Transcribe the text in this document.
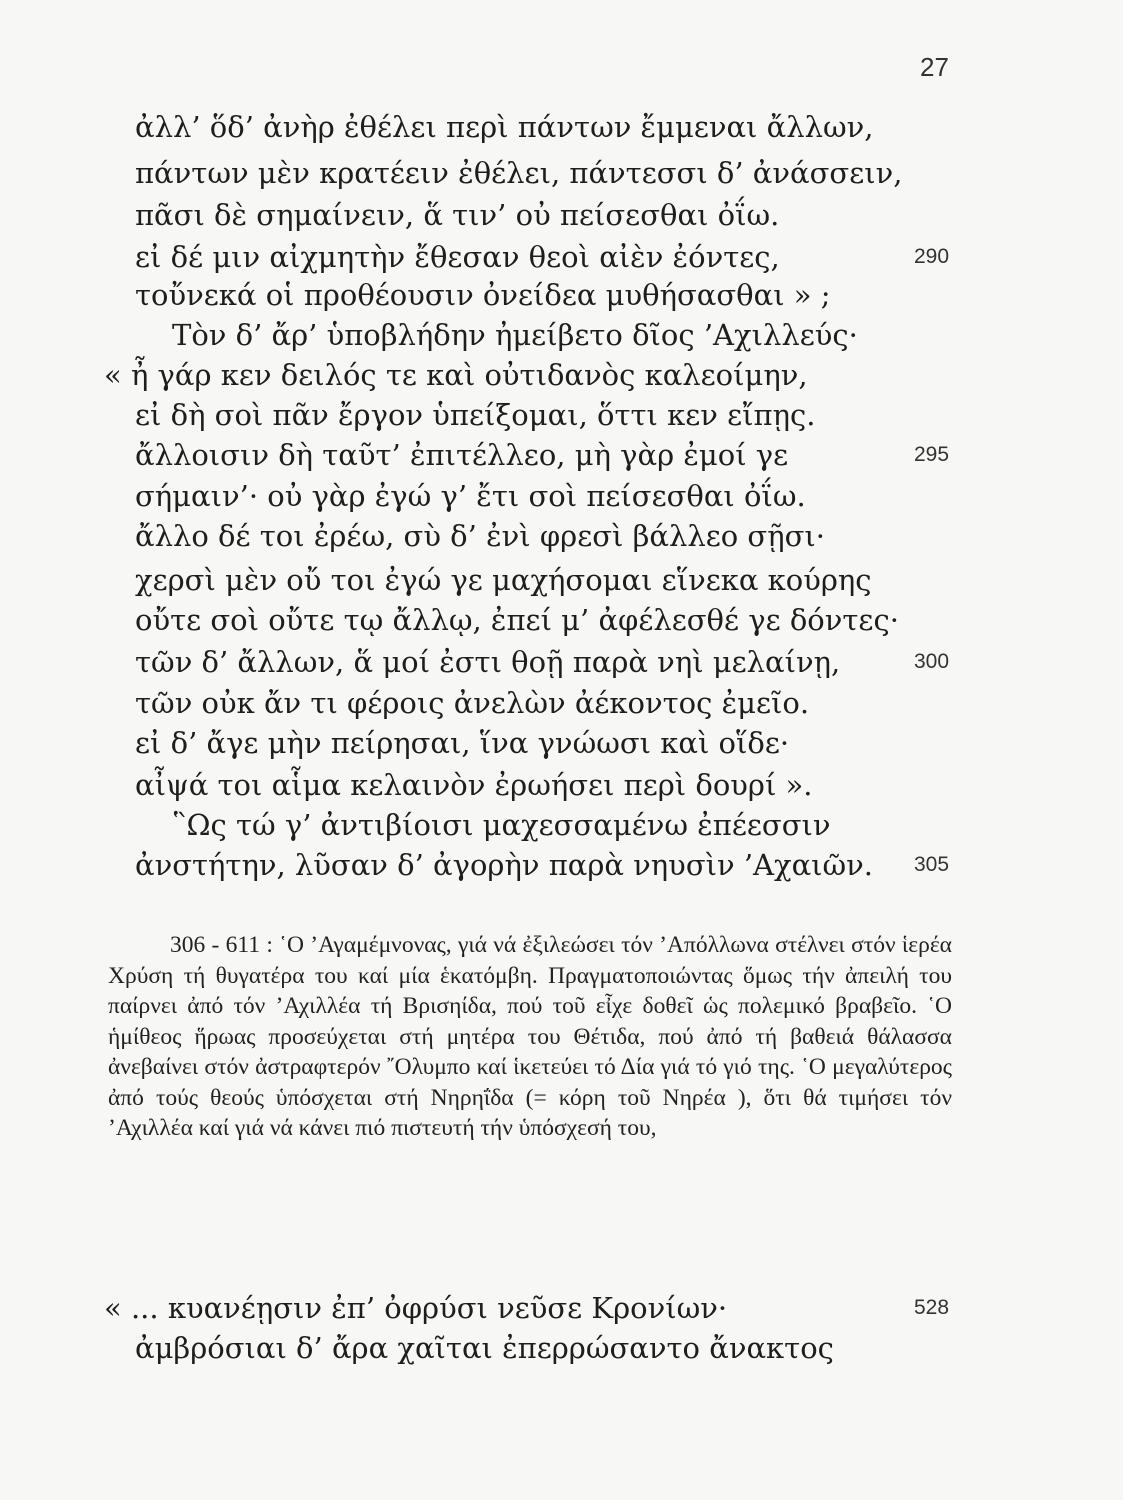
27
ἀλλ’ ὅδ’ ἀνὴρ ἐθέλει περὶ πάντων ἔμμεναι ἄλλων,
πάντων μὲν κρατέειν ἐθέλει, πάντεσσι δ’ ἀνάσσειν,
πᾶσι δὲ σημαίνειν, ἅ τιν’ οὐ πείσεσθαι ὀΐω.
εἰ δέ μιν αἰχμητὴν ἔθεσαν θεοὶ αἰὲν ἐόντες,	290
τοὔνεκά οἱ προθέουσιν ὀνείδεα μυθήσασθαι » ;
Τὸν δ’ ἄρ’ ὑποβλήδην ἠμείβετο δῖος ’Αχιλλεύς·
« ἦ γάρ κεν δειλός τε καὶ οὐτιδανὸς καλεοίμην,
εἰ δὴ σοὶ πᾶν ἔργον ὑπείξομαι, ὅττι κεν εἴπῃς.
ἄλλοισιν δὴ ταῦτ’ ἐπιτέλλεο, μὴ γὰρ ἐμοί γε	295
σήμαιν’· οὐ γὰρ ἐγώ γ’ ἔτι σοὶ πείσεσθαι ὀΐω.
ἄλλο δέ τοι ἐρέω, σὺ δ’ ἐνὶ φρεσὶ βάλλεο σῇσι·
χερσὶ μὲν οὔ τοι ἐγώ γε μαχήσομαι εἵνεκα κούρης
οὔτε σοὶ οὔτε τῳ ἄλλῳ, ἐπεί μ’ ἀφέλεσθέ γε δόντες·
τῶν δ’ ἄλλων, ἅ μοί ἐστι θοῇ παρὰ νηὶ μελαίνῃ,	300
τῶν οὐκ ἄν τι φέροις ἀνελὼν ἀέκοντος ἐμεῖο.
εἰ δ’ ἄγε μὴν πείρησαι, ἵνα γνώωσι καὶ οἵδε·
αἶψά τοι αἷμα κελαινὸν ἐρωήσει περὶ δουρί ».
῝Ως τώ γ’ ἀντιβίοισι μαχεσσαμένω ἐπέεσσιν
ἀνστήτην, λῦσαν δ’ ἀγορὴν παρὰ νηυσὶν ’Αχαιῶν. 305

306 - 611 : ῾Ο ’Αγαμέμνονας, γιά νά ἐξιλεώσει τόν ’Απόλλωνα στέλνει στόν ἱερέα Χρύση τή θυγατέρα του καί μία ἑκατόμβη. Πραγματοποιώντας ὅμως τήν ἀπειλή του παίρνει ἀπό τόν ’Αχιλλέα τή Βρισηίδα, πού τοῦ εἶχε δοθεῖ ὡς πολεμικό βραβεῖο. ῾Ο ἡμίθεος ἥρωας προσεύχεται στή μητέρα του Θέτιδα, πού ἀπό τή βαθειά θάλασσα ἀνεβαίνει στόν ἀστραφτερόν ῎Ολυμπο καί ἱκετεύει τό Δία γιά τό γιό της. ῾Ο μεγαλύτερος ἀπό τούς θεούς ὑπόσχεται στή Νηρηΐδα (= κόρη τοῦ Νηρέα ), ὅτι θά τιμήσει τόν ’Αχιλλέα καί γιά νά κάνει πιό πιστευτή τήν ὑπόσχεσή του,

« ... κυανέῃσιν ἐπ’ ὀφρύσι νεῦσε Κρονίων·	528
ἀμβρόσιαι δ’ ἄρα χαῖται ἐπερρώσαντο ἄνακτος
